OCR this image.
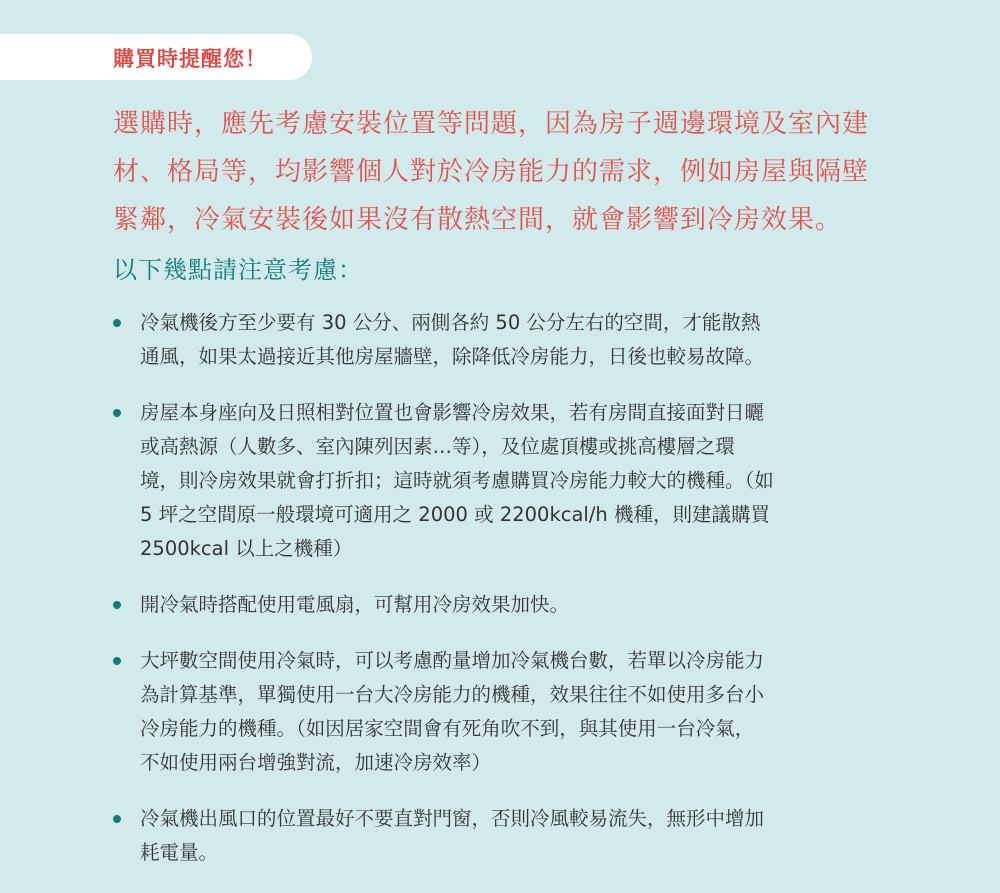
購買時提醒您！
選購時，應先考慮安裝位置等問題，因為房子週邊環境及室內建
材、格局等，均影響個人對於冷房能力的需求，例如房屋與隔壁
緊鄰，冷氣安裝後如果沒有散熱空間，就會影響到冷房效果。
以下幾點請注意考慮：
冷氣機後方至少要有 30 公分、兩側各約 50 公分左右的空間，才能散熱
通風，如果太過接近其他房屋牆壁，除降低冷房能力，日後也較易故障。
房屋本身座向及日照相對位置也會影響冷房效果，若有房間直接面對日曬
或高熱源（人數多、室內陳列因素…等），及位處頂樓或挑高樓層之環
境，則冷房效果就會打折扣；這時就須考慮購買冷房能力較大的機種。（如
5 坪之空間原一般環境可適用之 2000 或 2200kcal/h 機種，則建議購買
2500kcal 以上之機種）
開冷氣時搭配使用電風扇，可幫用冷房效果加快。
大坪數空間使用冷氣時，可以考慮酌量增加冷氣機台數，若單以冷房能力
為計算基準，單獨使用一台大冷房能力的機種，效果往往不如使用多台小
冷房能力的機種。（如因居家空間會有死角吹不到，與其使用一台冷氣，
不如使用兩台增強對流，加速冷房效率）
冷氣機出風口的位置最好不要直對門窗，否則冷風較易流失，無形中增加
耗電量。
